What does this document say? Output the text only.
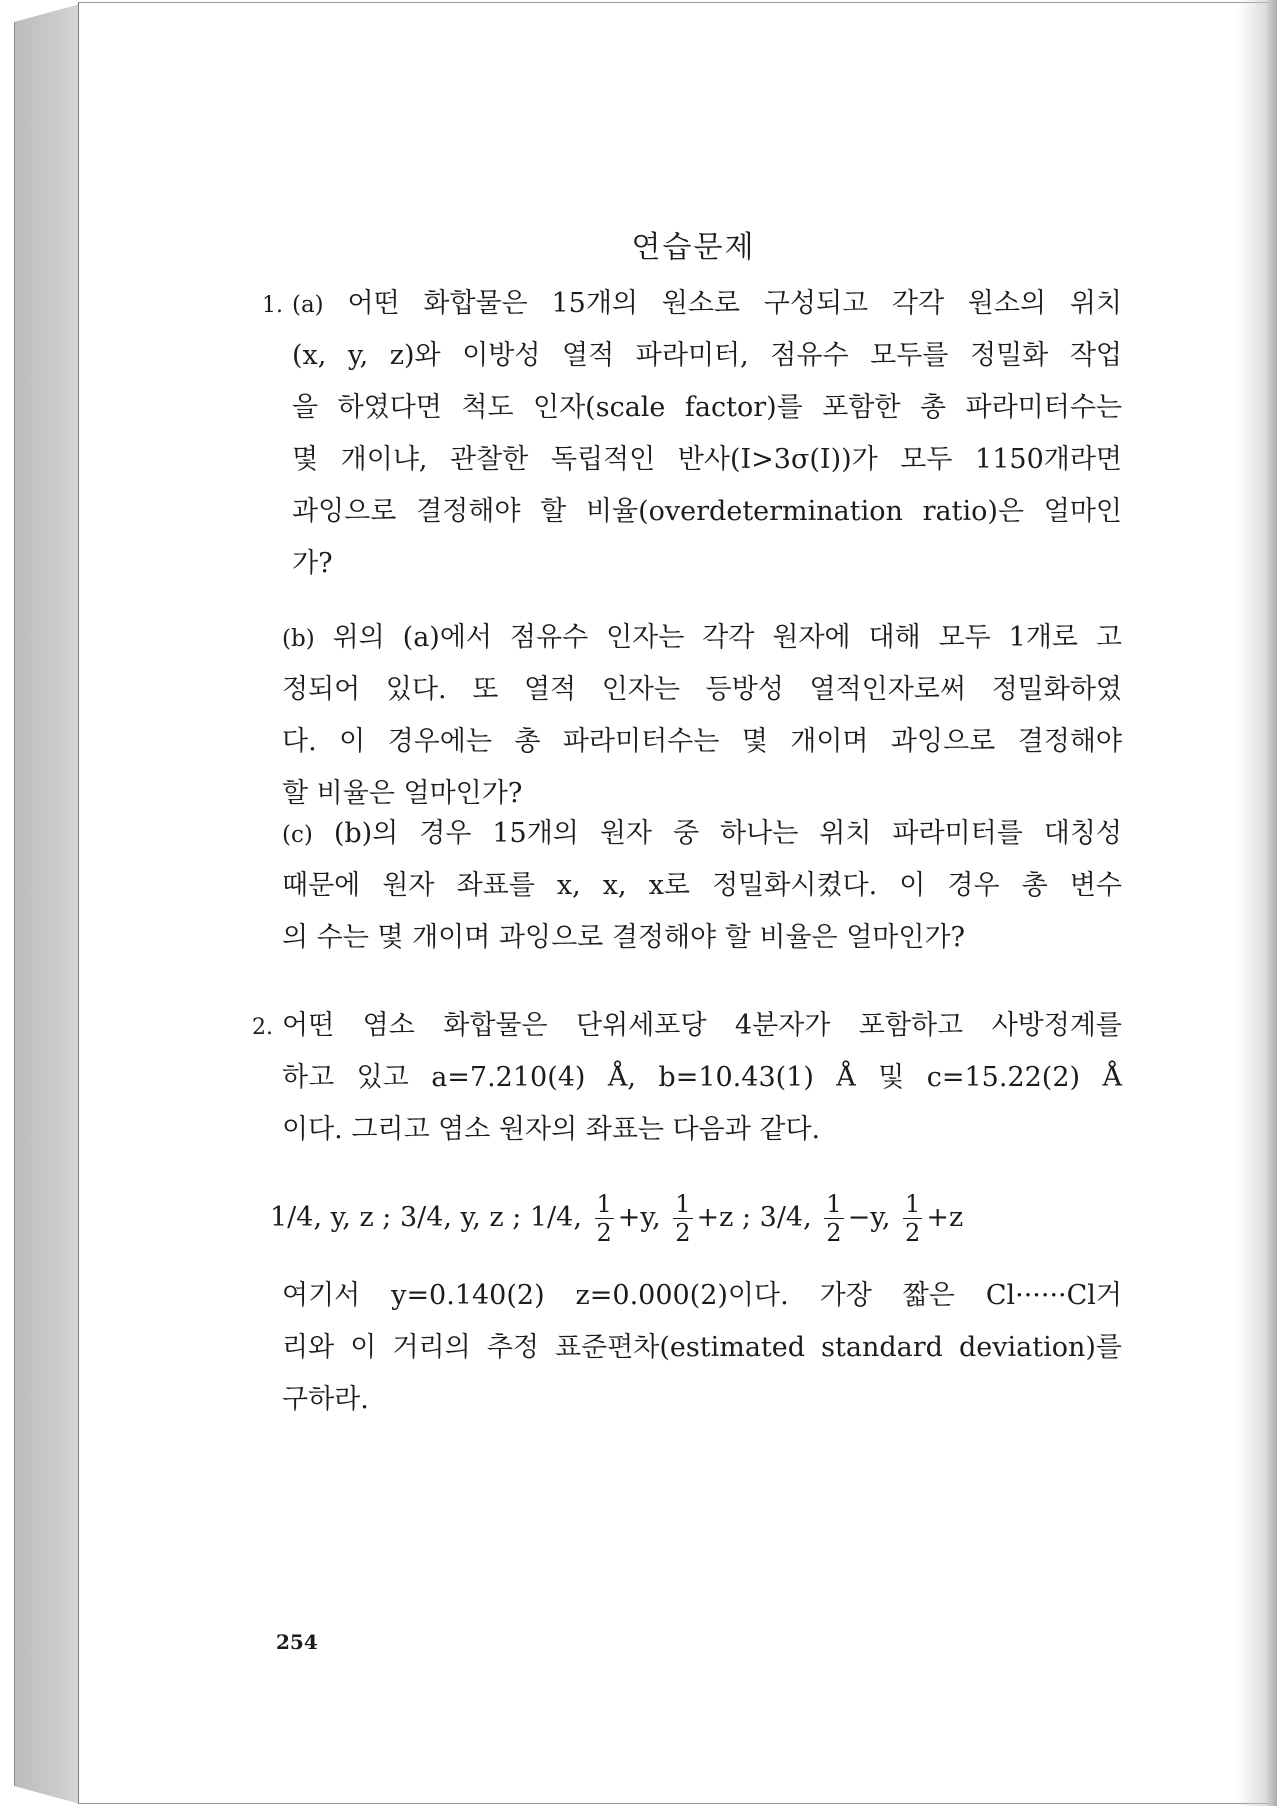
연습문제
1. (a) 어떤 화합물은 15개의 원소로 구성되고 각각 원소의 위치
(x, y, z)와 이방성 열적 파라미터, 점유수 모두를 정밀화 작업
을 하였다면 척도 인자(scale factor)를 포함한 총 파라미터수는
몇 개이냐, 관찰한 독립적인 반사(I>3σ(I))가 모두 1150개라면
과잉으로 결정해야 할 비율(overdetermination ratio)은 얼마인
가?
(b) 위의 (a)에서 점유수 인자는 각각 원자에 대해 모두 1개로 고
정되어 있다. 또 열적 인자는 등방성 열적인자로써 정밀화하였
다. 이 경우에는 총 파라미터수는 몇 개이며 과잉으로 결정해야
할 비율은 얼마인가?
(c) (b)의 경우 15개의 원자 중 하나는 위치 파라미터를 대칭성
때문에 원자 좌표를 x, x, x로 정밀화시켰다. 이 경우 총 변수
의 수는 몇 개이며 과잉으로 결정해야 할 비율은 얼마인가?
2. 어떤 염소 화합물은 단위세포당 4분자가 포함하고 사방정계를
하고 있고 a=7.210(4) Å, b=10.43(1) Å 및 c=15.22(2) Å
이다. 그리고 염소 원자의 좌표는 다음과 같다.
1/4, y, z ; 3/4, y, z ; 1/4, $\frac{1}{2} +y$, $\frac{1}{2} +z$ ; 3/4, $\frac{1}{2} -y$, $\frac{1}{2} +z$
여기서 y=0.140(2) z=0.000(2)이다. 가장 짧은 Cl······Cl거
리와 이 거리의 추정 표준편차(estimated standard deviation)를
구하라.
254
